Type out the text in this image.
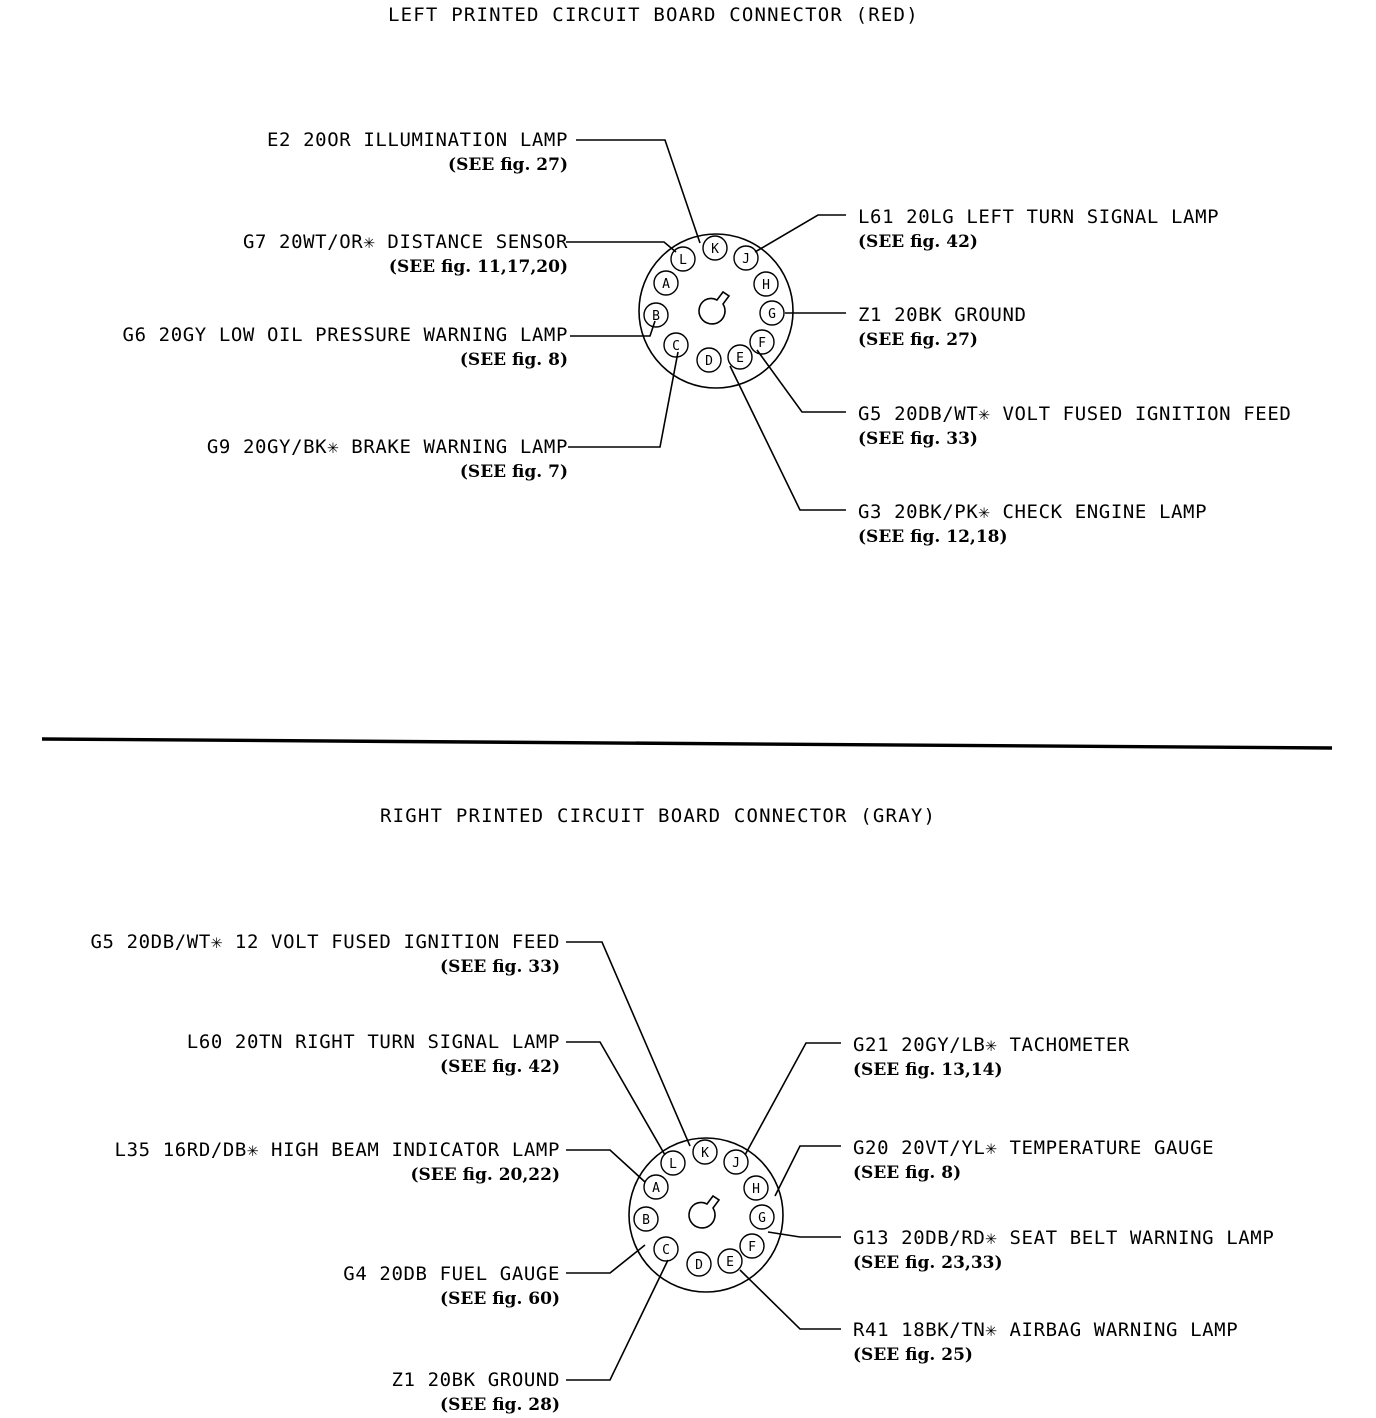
LEFT PRINTED CIRCUIT BOARD CONNECTOR (RED)
E2 20OR ILLUMINATION LAMP
(SEE fig. 27)
G7 20WT/OR✳ DISTANCE SENSOR
(SEE fig. 11,17,20)
G6 20GY LOW OIL PRESSURE WARNING LAMP
(SEE fig. 8)
G9 20GY/BK✳ BRAKE WARNING LAMP
(SEE fig. 7)
L61 20LG LEFT TURN SIGNAL LAMP
(SEE fig. 42)
Z1 20BK GROUND
(SEE fig. 27)
G5 20DB/WT✳ VOLT FUSED IGNITION FEED
(SEE fig. 33)
G3 20BK/PK✳ CHECK ENGINE LAMP
(SEE fig. 12,18)
RIGHT PRINTED CIRCUIT BOARD CONNECTOR (GRAY)
G5 20DB/WT✳ 12 VOLT FUSED IGNITION FEED
(SEE fig. 33)
L60 20TN RIGHT TURN SIGNAL LAMP
(SEE fig. 42)
L35 16RD/DB✳ HIGH BEAM INDICATOR LAMP
(SEE fig. 20,22)
G4 20DB FUEL GAUGE
(SEE fig. 60)
Z1 20BK GROUND
(SEE fig. 28)
G21 20GY/LB✳ TACHOMETER
(SEE fig. 13,14)
G20 20VT/YL✳ TEMPERATURE GAUGE
(SEE fig. 8)
G13 20DB/RD✳ SEAT BELT WARNING LAMP
(SEE fig. 23,33)
R41 18BK/TN✳ AIRBAG WARNING LAMP
(SEE fig. 25)
A
B
C
D E
F
G
H
J
K
L
A
B
C
D E
F
G
H
J
K
L
